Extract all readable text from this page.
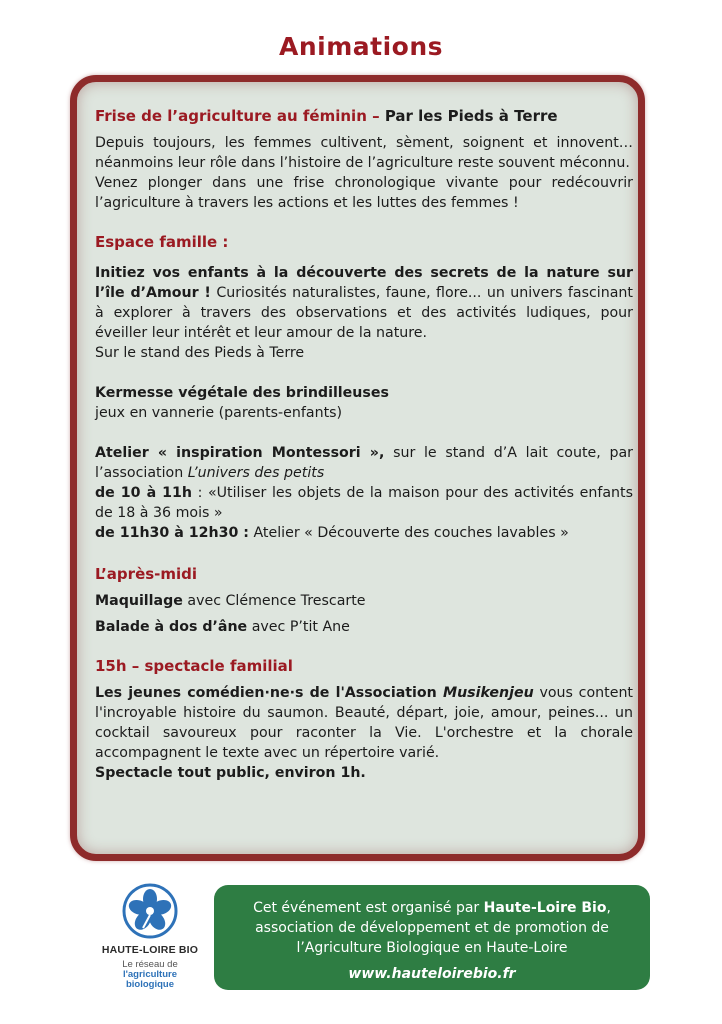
Animations
Frise de l’agriculture au féminin – Par les Pieds à Terre

Depuis toujours, les femmes cultivent, sèment, soignent et innovent… néanmoins leur rôle dans l’histoire de l’agriculture reste souvent méconnu.

Venez plonger dans une frise chronologique vivante pour redécouvrir l’agriculture à travers les actions et les luttes des femmes !

Espace famille :

Initiez vos enfants à la découverte des secrets de la nature sur l’île d’Amour ! Curiosités naturalistes, faune, flore... un univers fascinant à explorer à travers des observations et des activités ludiques, pour éveiller leur intérêt et leur amour de la nature.

Sur le stand des Pieds à Terre

Kermesse végétale des brindilleuses

jeux en vannerie (parents-enfants)

Atelier « inspiration Montessori », sur le stand d’A lait coute, par l’association L’univers des petits

de 10 à 11h : «Utiliser les objets de la maison pour des activités enfants de 18 à 36 mois »

de 11h30 à 12h30 : Atelier « Découverte des couches lavables »

L’après-midi

Maquillage avec Clémence Trescarte

Balade à dos d’âne avec P’tit Ane

15h – spectacle familial

Les jeunes comédien·ne·s de l'Association Musikenjeu vous content l'incroyable histoire du saumon. Beauté, départ, joie, amour, peines... un cocktail savoureux pour raconter la Vie. L'orchestre et la chorale accompagnent le texte avec un répertoire varié.

Spectacle tout public, environ 1h.

HAUTE-LOIRE BIO
Le réseau de
l'agriculture
biologique
Cet événement est organisé par Haute-Loire Bio,
association de développement et de promotion de
l’Agriculture Biologique en Haute-Loire
www.hauteloirebio.fr
